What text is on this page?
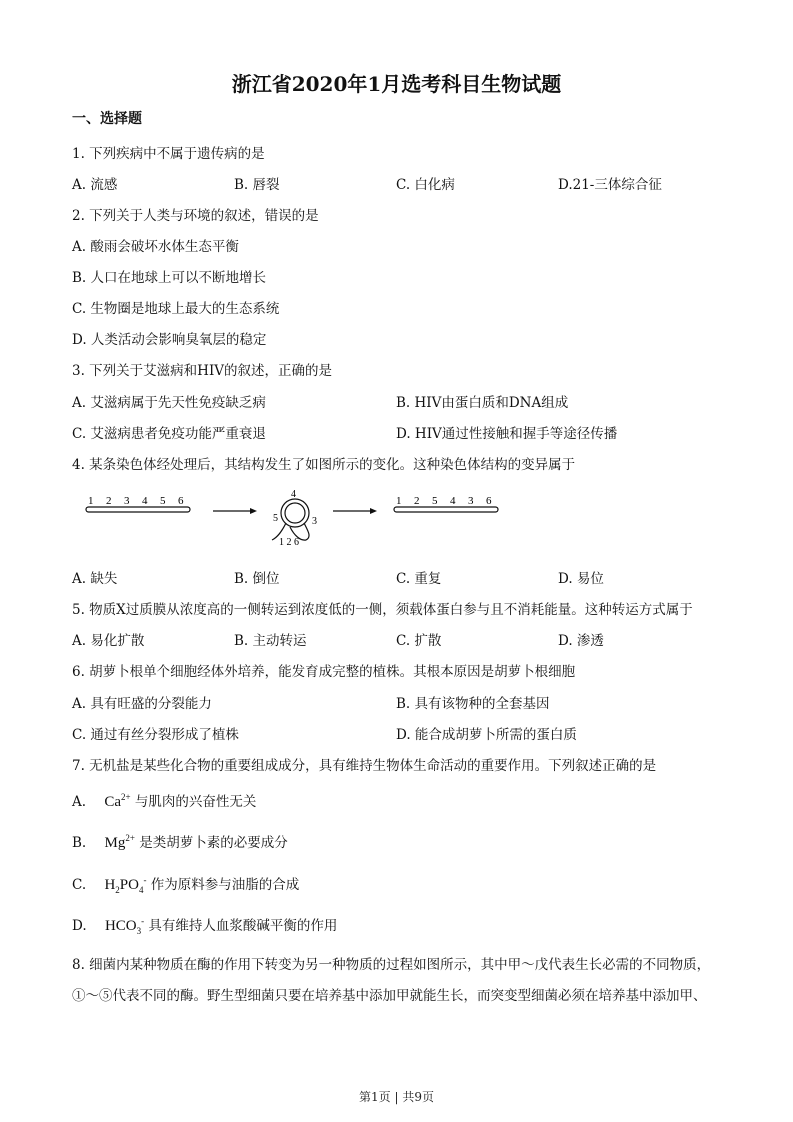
浙江省2020年1月选考科目生物试题
一、选择题
1. 下列疾病中不属于遗传病的是
A. 流感	B. 唇裂	C. 白化病	D.21-三体综合征
2. 下列关于人类与环境的叙述，错误的是
A. 酸雨会破坏水体生态平衡
B. 人口在地球上可以不断地增长
C. 生物圈是地球上最大的生态系统
D. 人类活动会影响臭氧层的稳定
3. 下列关于艾滋病和HIV的叙述，正确的是
A. 艾滋病属于先天性免疫缺乏病	B. HIV由蛋白质和DNA组成
C. 艾滋病患者免疫功能严重衰退	D. HIV通过性接触和握手等途径传播
4. 某条染色体经处理后，其结构发生了如图所示的变化。这种染色体结构的变异属于
1 2 3 4 5 6
4
5	3
1 2 6
1 2 5 4 3 6
A. 缺失	B. 倒位	C. 重复	D. 易位
5. 物质X过质膜从浓度高的一侧转运到浓度低的一侧，须载体蛋白参与且不消耗能量。这种转运方式属于
A. 易化扩散	B. 主动转运	C. 扩散	D. 渗透
6. 胡萝卜根单个细胞经体外培养，能发育成完整的植株。其根本原因是胡萝卜根细胞
A. 具有旺盛的分裂能力	B. 具有该物种的全套基因
C. 通过有丝分裂形成了植株	D. 能合成胡萝卜所需的蛋白质
7. 无机盐是某些化合物的重要组成成分，具有维持生物体生命活动的重要作用。下列叙述正确的是
A. $Ca^{2+}$ 与肌肉的兴奋性无关
B. $Mg^{2+}$ 是类胡萝卜素的必要成分
C. $H_2PO_4^-$ 作为原料参与油脂的合成
D. $HCO_3^-$ 具有维持人血浆酸碱平衡的作用
8. 细菌内某种物质在酶的作用下转变为另一种物质的过程如图所示，其中甲～戊代表生长必需的不同物质，
①～⑤代表不同的酶。野生型细菌只要在培养基中添加甲就能生长，而突变型细菌必须在培养基中添加甲、
第1页 | 共9页
